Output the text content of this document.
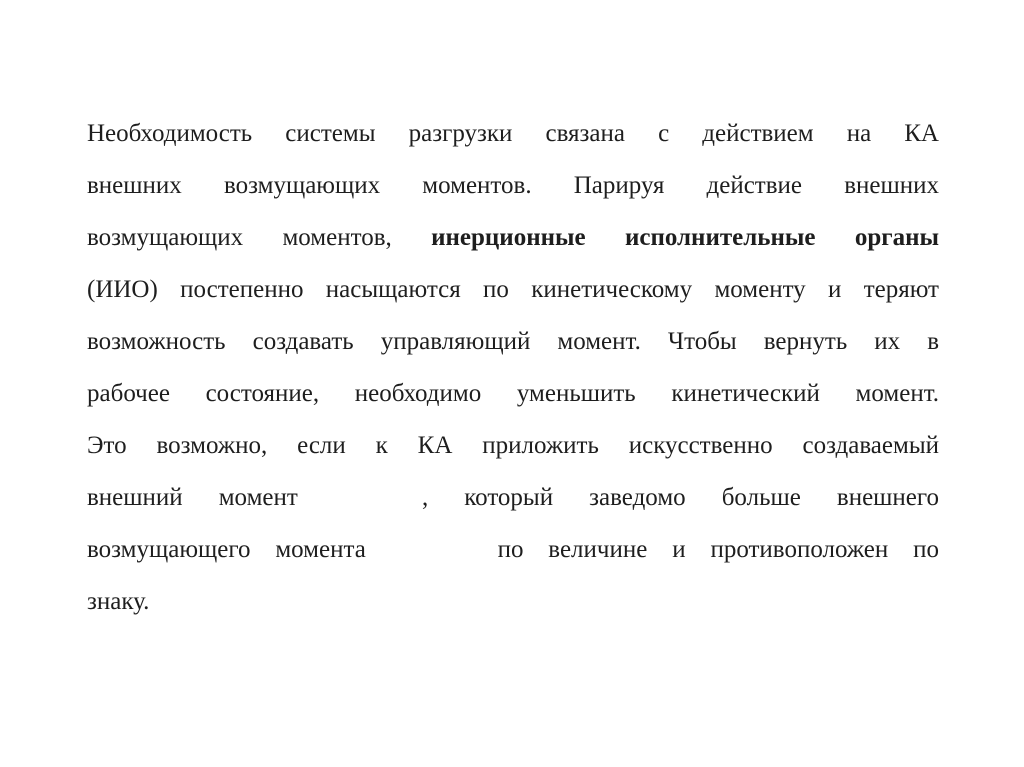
Необходимость системы разгрузки связана с действием на КА
внешних возмущающих моментов. Парируя действие внешних
возмущающих моментов, инерционные исполнительные органы
(ИИО) постепенно насыщаются по кинетическому моменту и теряют
возможность создавать управляющий момент. Чтобы вернуть их в
рабочее состояние, необходимо уменьшить кинетический момент.
Это возможно, если к КА приложить искусственно создаваемый
внешний момент	, который заведомо больше внешнего
возмущающего момента	по величине и противоположен по
знаку.
